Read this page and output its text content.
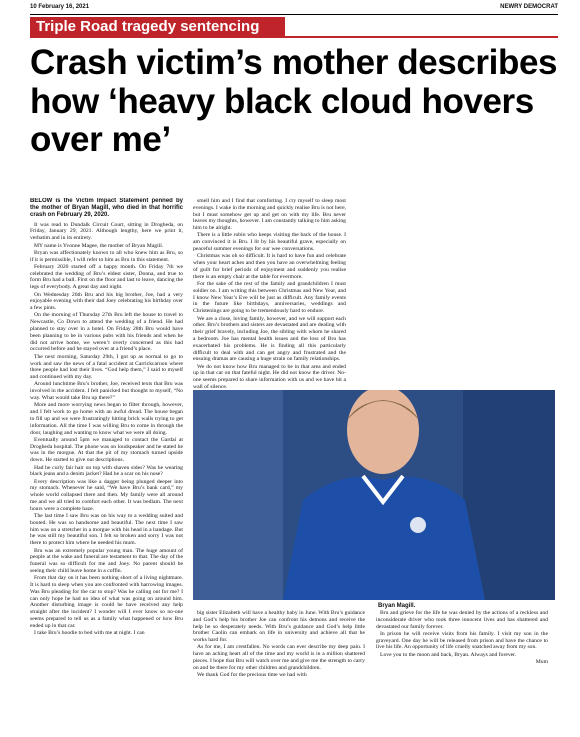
10 February 16, 2021	NEWRY DEMOCRAT
Triple Road tragedy sentencing
Crash victim’s mother describes how ‘heavy black cloud hovers over me’

BELOW is the Victim Impact Statement penned by the mother of Bryan Magill, who died in that horrific crash on February 29, 2020.

It was read to Dundalk Circuit Court, sitting in Drogheda, on Friday, January 29, 2021. Although lengthy, here we print it, verbatim and in its entirety.

MY name is Yvonne Magee, the mother of Bryan Magill.

Bryan was affectionately known to all who knew him as Bru, so if it is permissible, I will refer to him as Bru in this statement.

February 2020 started off a happy month. On Friday 7th we celebrated the wedding of Bru’s eldest sister, Donna, and true to form Bru had a ball. First on the floor and last to leave, dancing the legs of everybody. A great day and night.

On Wednesday 26th Bru and his big brother, Joe, had a very enjoyable evening with their dad Joey celebrating his birthday over a few pints.

On the morning of Thursday 27th Bru left the house to travel to Newcastle, Co Down to attend the wedding of a friend. He had planned to stay over in a hotel. On Friday 28th Bru would have been planning to be in various pubs with his friends and when he did not arrive home, we weren’t overly concerned as this had occurred before and he stayed over at a friend’s place.

The next morning, Saturday 29th, I got up as normal to go to work and saw the news of a fatal accident at Carrickcarnon where three people had lost their lives. “God help them,” I said to myself and continued with my day.

Around lunchtime Bru’s brother, Joe, received texts that Bru was involved in the accident. I felt panicked but thought to myself, “No way. What would take Bru up there?”

More and more worrying news began to filter through, however, and I felt work to go home with an awful dread. The house began to fill up and we were frustratingly hitting brick walls trying to get information. All the time I was willing Bru to come in through the door, laughing and wanting to know what we were all doing.

Eventually around 5pm we managed to contact the Gardaí at Drogheda hospital. The phone was on loudspeaker and he stated he was in the morgue. At that the pit of my stomach turned upside down. He started to give out descriptions.

Had he curly fair hair on top with shaven sides? Was he wearing black jeans and a denim jacket? Had he a scar on his nose?

Every description was like a dagger being plunged deeper into my stomach. Whenever he said, “We have Bru’s bank card,” my whole world collapsed there and then. My family were all around me and we all tried to comfort each other. It was bedlam. The next hours were a complete haze.

The last time I saw Bru was on his way to a wedding suited and booted. He was so handsome and beautiful. The next time I saw him was on a stretcher in a morgue with his head in a bandage. But he was still my beautiful son. I felt so broken and sorry I was not there to protect him where he needed his mum.

Bru was an extremely popular young man. The huge amount of people at the wake and funeral are testament to that. The day of the funeral was so difficult for me and Joey. No parent should be seeing their child leave home in a coffin.

From that day on it has been nothing short of a living nightmare. It is hard to sleep when you are confronted with harrowing images. Was Bru pleading for the car to stop? Was he calling out for me? I can only hope he had no idea of what was going on around him. Another disturbing image is could he have received any help straight after the incident? I wonder will I ever know so no-one seems prepared to tell us as a family what happened or how Bru ended up in that car.

I take Bru’s hoodie to bed with me at night. I can

smell him and I find that comforting. I cry myself to sleep most evenings. I wake in the morning and quickly realise Bru is not here, but I must somehow get up and get on with my life. Bru never leaves my thoughts, however. I am constantly talking to him asking him to be alright.

There is a little robin who keeps visiting the back of the house. I am convinced it is Bru. I lit by his beautiful grave, especially on peaceful summer evenings for our wee conversations.

Christmas was oh so difficult. It is hard to have fun and celebrate when your heart aches and then you have an overwhelming feeling of guilt for brief periods of enjoyment and suddenly you realise there is an empty chair at the table for evermore.

For the sake of the rest of the family and grandchildren I must soldier on. I am writing this between Christmas and New Year, and I know New Year’s Eve will be just as difficult. Any family events in the future like birthdays, anniversaries, weddings and Christenings are going to be tremendously hard to endure.

We are a close, loving family, however, and we will support each other. Bru’s brothers and sisters are devastated and are dealing with their grief bravely, including Joe, the sibling with whom he shared a bedroom. Joe has mental health issues and the loss of Bru has exacerbated his problems. He is finding all this particularly difficult to deal with and can get angry and frustrated and the ensuing dramas are causing a huge strain on family relationships.

We do not know how Bru managed to be in that area and ended up in that car on that fateful night. He did not know the driver. No-one seems prepared to share information with us and we have hit a wall of silence.

Bryan Magill.

big sister Elizabeth will have a healthy baby in June. With Bru’s guidance and God’s help his brother Joe can confront his demons and receive the help he so desperately needs. With Bru’s guidance and God’s help little brother Caolin can embark on life in university and achieve all that he works hard for.

As for me, I am crestfallen. No words can ever describe my deep pain. I have an aching heart all of the time and my world is in a million shattered pieces. I hope that Bru will watch over me and give me the strength to carry on and be there for my other children and grandchildren.

We thank God for the precious time we had with

Bru and grieve for the life he was denied by the actions of a reckless and inconsiderate driver who took three innocent lives and has shattered and devastated our family forever.

In prison he will receive visits from his family. I visit my son in the graveyard. One day he will be released from prison and have the chance to live his life. An opportunity of life cruelly snatched away from my son.

Love you to the moon and back, Bryan. Always and forever.

Mum
